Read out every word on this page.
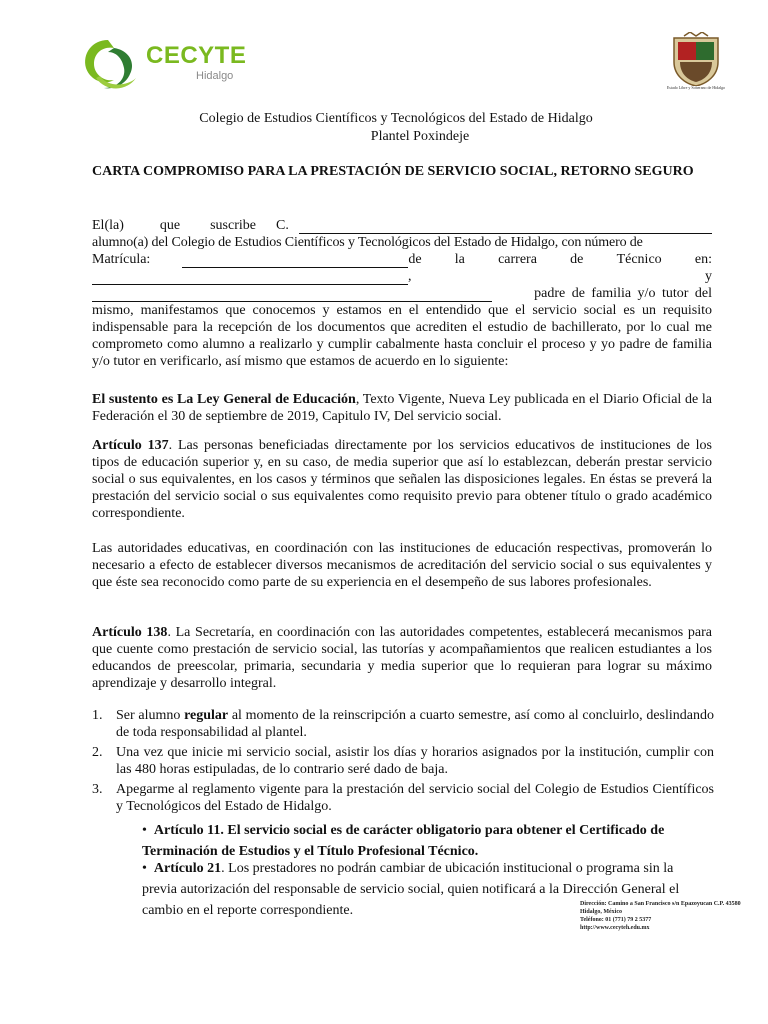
CECYTE
Hidalgo
Estado Libre y Soberano de Hidalgo
Colegio de Estudios Científicos y Tecnológicos del Estado de Hidalgo
Plantel Poxindeje
CARTA COMPROMISO PARA LA PRESTACIÓN DE SERVICIO SOCIAL, RETORNO SEGURO
El(la)	que suscribe C.
alumno(a) del Colegio de Estudios Científicos y Tecnológicos del Estado de Hidalgo, con número de
Matrícula:	de la carrera de Técnico en:
,	y
padre de familia y/o tutor del
mismo, manifestamos que conocemos y estamos en el entendido que el servicio social es un requisito indispensable para la recepción de los documentos que acrediten el estudio de bachillerato, por lo cual me comprometo como alumno a realizarlo y cumplir cabalmente hasta concluir el proceso y yo padre de familia y/o tutor en verificarlo, así mismo que estamos de acuerdo en lo siguiente:
El sustento es La Ley General de Educación, Texto Vigente, Nueva Ley publicada en el Diario Oficial de la Federación el 30 de septiembre de 2019, Capitulo IV, Del servicio social.
Artículo 137. Las personas beneficiadas directamente por los servicios educativos de instituciones de los tipos de educación superior y, en su caso, de media superior que así lo establezcan, deberán prestar servicio social o sus equivalentes, en los casos y términos que señalen las disposiciones legales. En éstas se preverá la prestación del servicio social o sus equivalentes como requisito previo para obtener título o grado académico correspondiente.
Las autoridades educativas, en coordinación con las instituciones de educación respectivas, promoverán lo necesario a efecto de establecer diversos mecanismos de acreditación del servicio social o sus equivalentes y que éste sea reconocido como parte de su experiencia en el desempeño de sus labores profesionales.
Artículo 138. La Secretaría, en coordinación con las autoridades competentes, establecerá mecanismos para que cuente como prestación de servicio social, las tutorías y acompañamientos que realicen estudiantes a los educandos de preescolar, primaria, secundaria y media superior que lo requieran para lograr su máximo aprendizaje y desarrollo integral.
1. Ser alumno regular al momento de la reinscripción a cuarto semestre, así como al concluirlo, deslindando de toda responsabilidad al plantel.
2. Una vez que inicie mi servicio social, asistir los días y horarios asignados por la institución, cumplir con las 480 horas estipuladas, de lo contrario seré dado de baja.
3. Apegarme al reglamento vigente para la prestación del servicio social del Colegio de Estudios Científicos y Tecnológicos del Estado de Hidalgo.
• Artículo 11. El servicio social es de carácter obligatorio para obtener el Certificado de Terminación de Estudios y el Título Profesional Técnico.
• Artículo 21. Los prestadores no podrán cambiar de ubicación institucional o programa sin la previa autorización del responsable de servicio social, quien notificará a la Dirección General el cambio en el reporte correspondiente.	Dirección: Camino a San Francisco s/n Epazoyucan C.P. 43580
Hidalgo, México
Teléfono: 01 (771) 79 2 5377
http://www.cecyteh.edu.mx
